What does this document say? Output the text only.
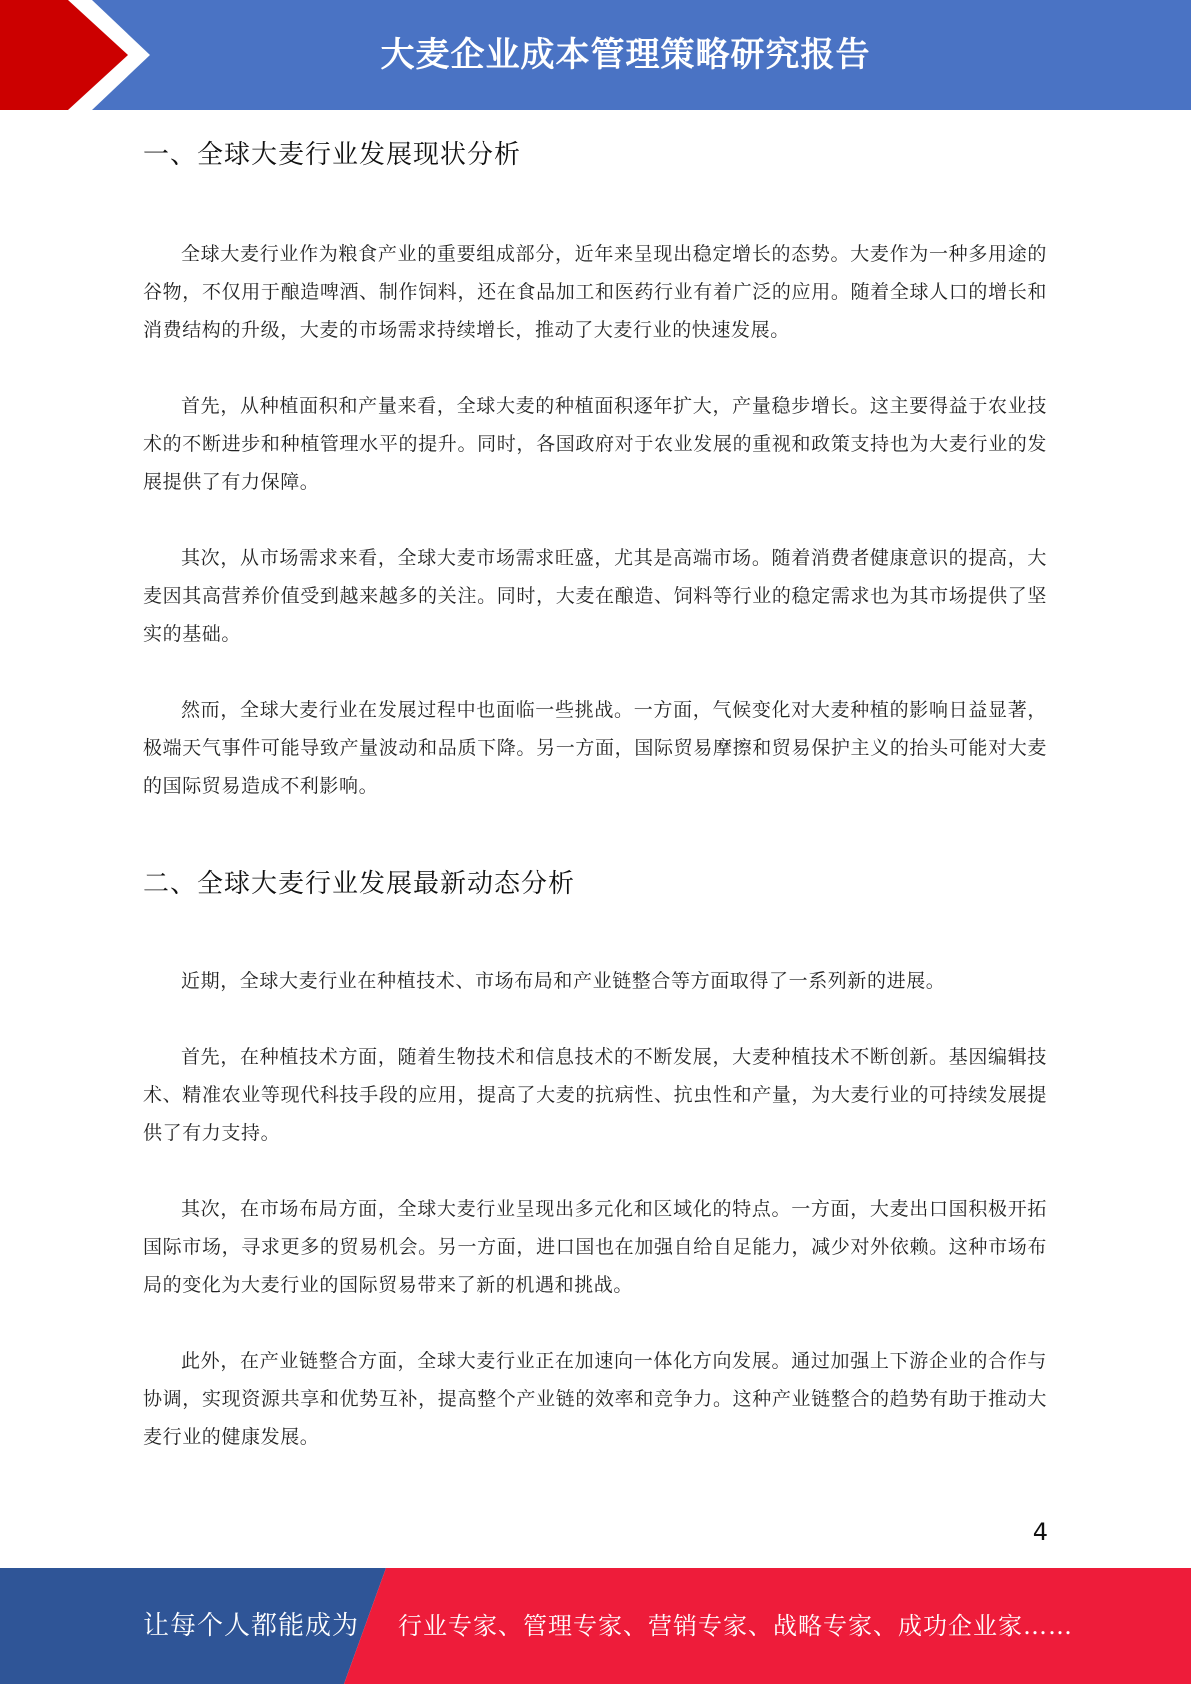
大麦企业成本管理策略研究报告
一、全球大麦行业发展现状分析

全球大麦行业作为粮食产业的重要组成部分，近年来呈现出稳定增长的态势。大麦作为一种多用途的谷物，不仅用于酿造啤酒、制作饲料，还在食品加工和医药行业有着广泛的应用。随着全球人口的增长和消费结构的升级，大麦的市场需求持续增长，推动了大麦行业的快速发展。

首先，从种植面积和产量来看，全球大麦的种植面积逐年扩大，产量稳步增长。这主要得益于农业技术的不断进步和种植管理水平的提升。同时，各国政府对于农业发展的重视和政策支持也为大麦行业的发展提供了有力保障。

其次，从市场需求来看，全球大麦市场需求旺盛，尤其是高端市场。随着消费者健康意识的提高，大麦因其高营养价值受到越来越多的关注。同时，大麦在酿造、饲料等行业的稳定需求也为其市场提供了坚实的基础。

然而，全球大麦行业在发展过程中也面临一些挑战。一方面，气候变化对大麦种植的影响日益显著，极端天气事件可能导致产量波动和品质下降。另一方面，国际贸易摩擦和贸易保护主义的抬头可能对大麦的国际贸易造成不利影响。

二、全球大麦行业发展最新动态分析

近期，全球大麦行业在种植技术、市场布局和产业链整合等方面取得了一系列新的进展。

首先，在种植技术方面，随着生物技术和信息技术的不断发展，大麦种植技术不断创新。基因编辑技术、精准农业等现代科技手段的应用，提高了大麦的抗病性、抗虫性和产量，为大麦行业的可持续发展提供了有力支持。

其次，在市场布局方面，全球大麦行业呈现出多元化和区域化的特点。一方面，大麦出口国积极开拓国际市场，寻求更多的贸易机会。另一方面，进口国也在加强自给自足能力，减少对外依赖。这种市场布局的变化为大麦行业的国际贸易带来了新的机遇和挑战。

此外，在产业链整合方面，全球大麦行业正在加速向一体化方向发展。通过加强上下游企业的合作与协调，实现资源共享和优势互补，提高整个产业链的效率和竞争力。这种产业链整合的趋势有助于推动大麦行业的健康发展。

4
让每个人都能成为 行业专家、管理专家、营销专家、战略专家、成功企业家……
